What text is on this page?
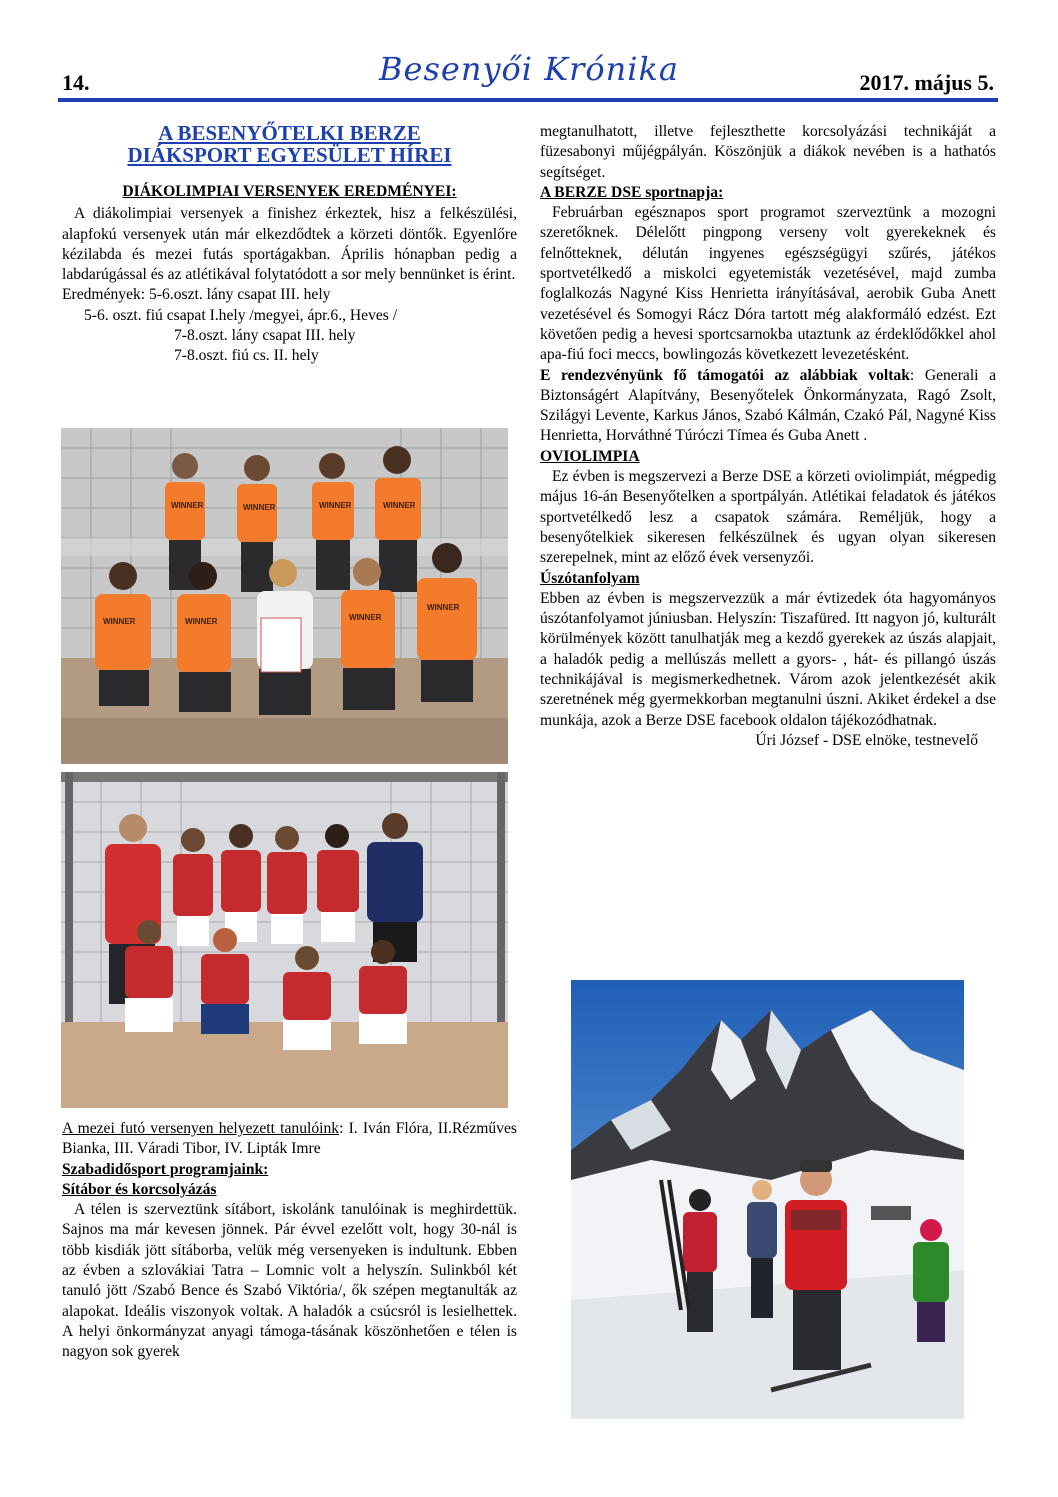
14.	Besenyői Krónika	2017. május 5.

A BESENYŐTELKI BERZE

DIÁKSPORT EGYESÜLET HÍREI

DIÁKOLIMPIAI VERSENYEK EREDMÉNYEI:

A diákolimpiai versenyek a finishez érkeztek, hisz a felkészülési, alapfokú versenyek után már elkezdődtek a körzeti döntők. Egyenlőre kézilabda és mezei futás sportágakban. Április hónapban pedig a labdarúgással és az atlétikával folytatódott a sor mely bennünket is érint.

Eredmények: 5-6.oszt. lány csapat III. hely

5-6. oszt. fiú csapat I.hely /megyei, ápr.6., Heves /

7-8.oszt. lány csapat III. hely

7-8.oszt. fiú cs. II. hely

WINNER	WINNER	WINNER	WINNER
WINNER	WINNER	WINNER
WINNER

A mezei futó versenyen helyezett tanulóink: I. Iván Flóra, II.Rézműves Bianka, III. Váradi Tibor, IV. Lipták Imre

Szabadidősport programjaink:

Sítábor és korcsolyázás

A télen is szerveztünk sítábort, iskolánk tanulóinak is meghirdettük. Sajnos ma már kevesen jönnek. Pár évvel ezelőtt volt, hogy 30-nál is több kisdiák jött sítáborba, velük még versenyeken is indultunk. Ebben az évben a szlovákiai Tatra – Lomnic volt a helyszín. Sulinkból két tanuló jött /Szabó Bence és Szabó Viktória/, ők szépen megtanulták az alapokat. Ideális viszonyok voltak. A haladók a csúcsról is lesielhettek. A helyi önkormányzat anyagi támoga-tásának köszönhetően e télen is nagyon sok gyerek

megtanulhatott, illetve fejleszthette korcsolyázási technikáját a füzesabonyi műjégpályán. Köszönjük a diákok nevében is a hathatós segítséget.

A BERZE DSE sportnapja:

Februárban egésznapos sport programot szerveztünk a mozogni szeretőknek. Délelőtt pingpong verseny volt gyerekeknek és felnőtteknek, délután ingyenes egészségügyi szűrés, játékos sportvetélkedő a miskolci egyetemisták vezetésével, majd zumba foglalkozás Nagyné Kiss Henrietta irányításával, aerobik Guba Anett vezetésével és Somogyi Rácz Dóra tartott még alakformáló edzést. Ezt követően pedig a hevesi sportcsarnokba utaztunk az érdeklődőkkel ahol apa-fiú foci meccs, bowlingozás következett levezetésként.

E rendezvényünk fő támogatói az alábbiak voltak: Generali a Biztonságért Alapítvány, Besenyőtelek Önkormányzata, Ragó Zsolt, Szilágyi Levente, Karkus János, Szabó Kálmán, Czakó Pál, Nagyné Kiss Henrietta, Horváthné Túróczi Tímea és Guba Anett .

OVIOLIMPIA

Ez évben is megszervezi a Berze DSE a körzeti oviolimpiát, mégpedig május 16-án Besenyőtelken a sportpályán. Atlétikai feladatok és játékos sportvetélkedő lesz a csapatok számára. Reméljük, hogy a besenyőtelkiek sikeresen felkészülnek és ugyan olyan sikeresen szerepelnek, mint az előző évek versenyzői.

Úszótanfolyam

Ebben az évben is megszervezzük a már évtizedek óta hagyományos úszótanfolyamot júniusban. Helyszín: Tiszafüred. Itt nagyon jó, kulturált körülmények között tanulhatják meg a kezdő gyerekek az úszás alapjait, a haladók pedig a mellúszás mellett a gyors- , hát- és pillangó úszás technikájával is megismerkedhetnek. Várom azok jelentkezését akik szeretnének még gyermekkorban megtanulni úszni. Akiket érdekel a dse munkája, azok a Berze DSE facebook oldalon tájékozódhatnak.

Úri József - DSE elnöke, testnevelő
